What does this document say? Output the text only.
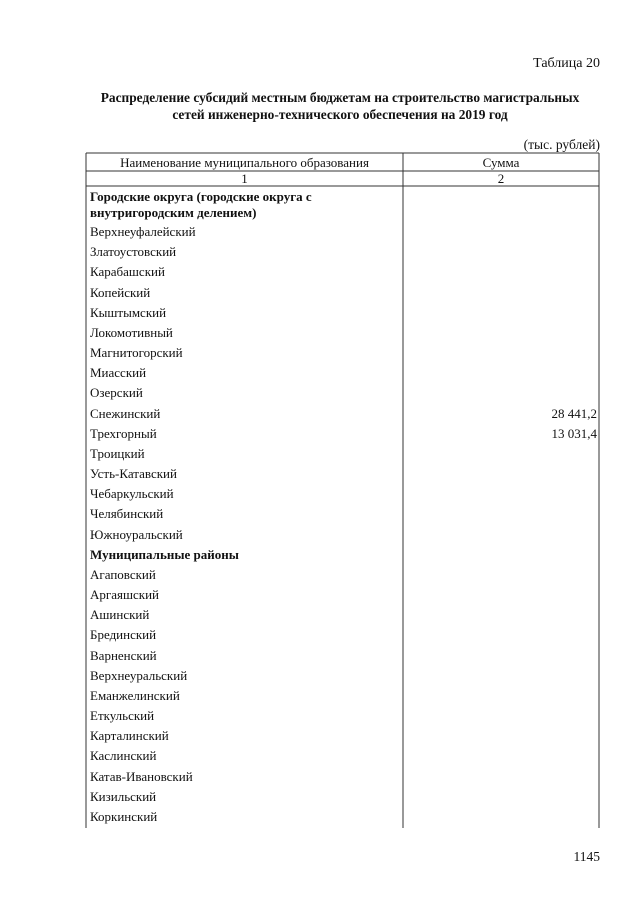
Таблица 20
Распределение субсидий местным бюджетам на строительство магистральных
сетей инженерно-технического обеспечения на 2019 год
(тыс. рублей)
Наименование муниципального образования	Сумма
1	2
Городские округа (городские округа с внутригородским делением)
Верхнеуфалейский
Златоустовский
Карабашский
Копейский
Кыштымский
Локомотивный
Магнитогорский
Миасский
Озерский
Снежинский	28 441,2
Трехгорный	13 031,4
Троицкий
Усть-Катавский
Чебаркульский
Челябинский
Южноуральский
Муниципальные районы
Агаповский
Аргаяшский
Ашинский
Брединский
Варненский
Верхнеуральский
Еманжелинский
Еткульский
Карталинский
Каслинский
Катав-Ивановский
Кизильский
Коркинский
1145
